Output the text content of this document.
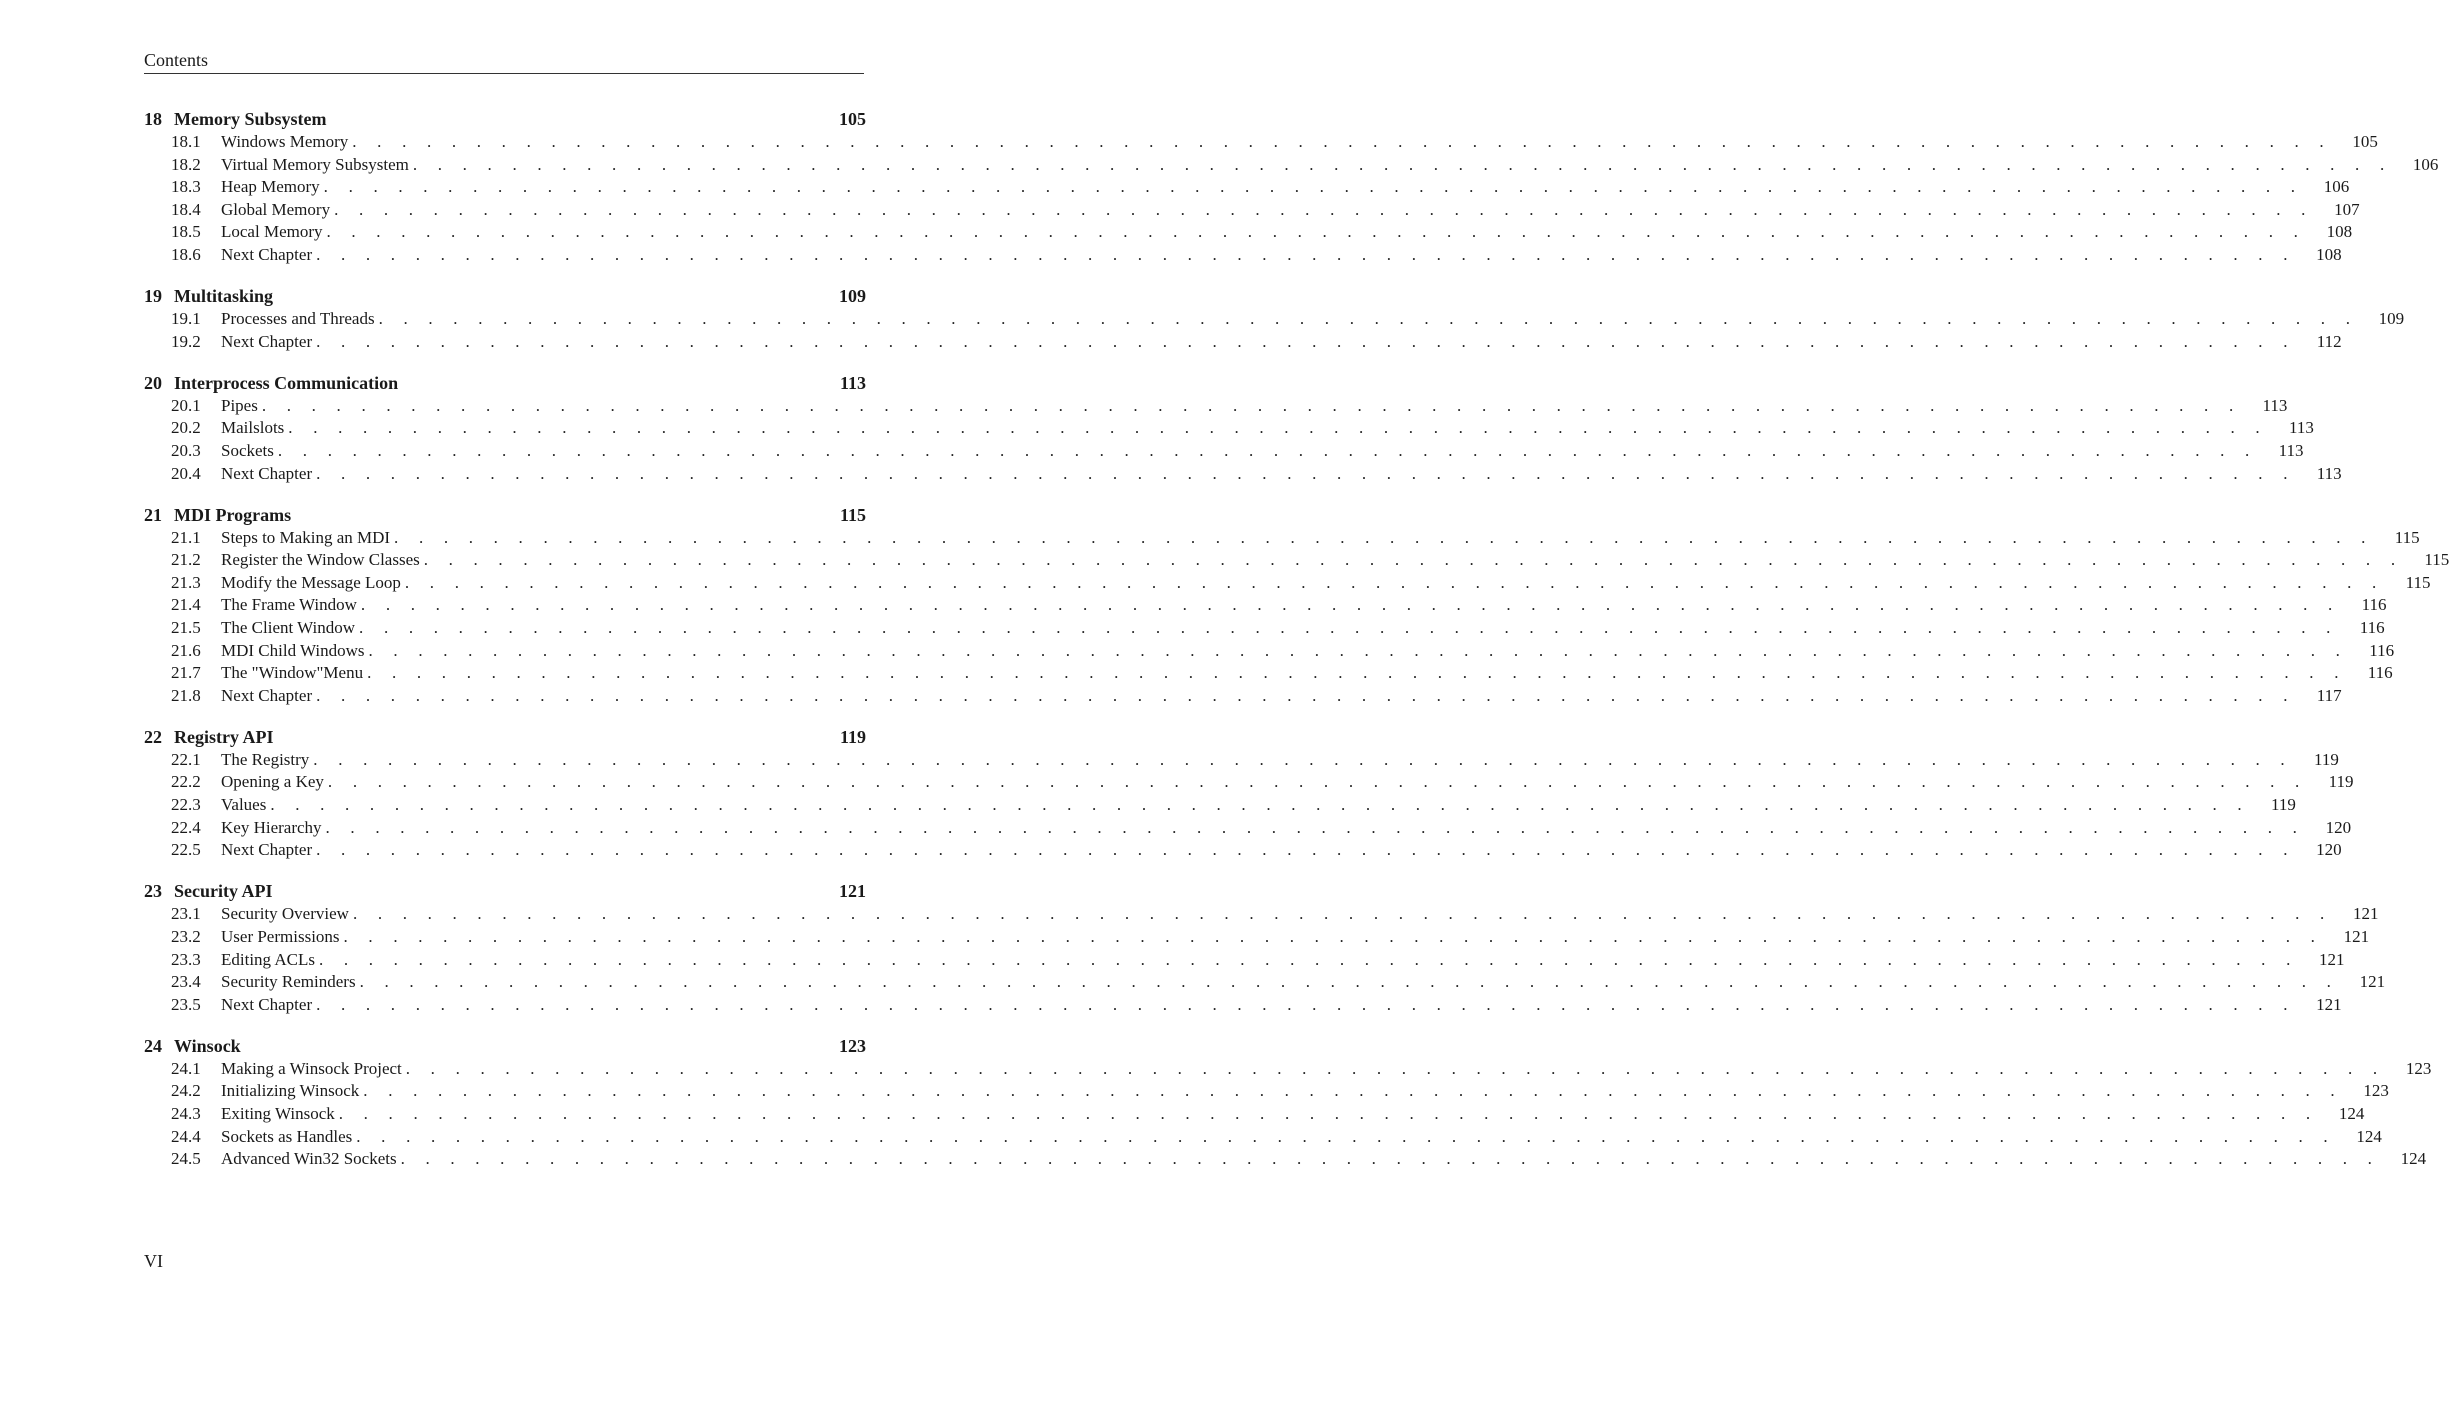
Contents
18 Memory Subsystem	105
18.1	Windows Memory . . . . . . . . . . . . . . . . . . . . . . . . . . . . . . . . . . . . . . . . . . . . . . . . . . . . . . . . . . . . . . . . . . . . . . . . . . . . . . . .	105
18.2	Virtual Memory Subsystem . . . . . . . . . . . . . . . . . . . . . . . . . . . . . . . . . . . . . . . . . . . . . . . . . . . . . . . . . . . . . . . . . . . . . . . . . . . . . . . .	106
18.3	Heap Memory . . . . . . . . . . . . . . . . . . . . . . . . . . . . . . . . . . . . . . . . . . . . . . . . . . . . . . . . . . . . . . . . . . . . . . . . . . . . . . . .	106
18.4	Global Memory . . . . . . . . . . . . . . . . . . . . . . . . . . . . . . . . . . . . . . . . . . . . . . . . . . . . . . . . . . . . . . . . . . . . . . . . . . . . . . . .	107
18.5	Local Memory . . . . . . . . . . . . . . . . . . . . . . . . . . . . . . . . . . . . . . . . . . . . . . . . . . . . . . . . . . . . . . . . . . . . . . . . . . . . . . . .	108
18.6	Next Chapter . . . . . . . . . . . . . . . . . . . . . . . . . . . . . . . . . . . . . . . . . . . . . . . . . . . . . . . . . . . . . . . . . . . . . . . . . . . . . . . .	108
19 Multitasking	109
19.1	Processes and Threads . . . . . . . . . . . . . . . . . . . . . . . . . . . . . . . . . . . . . . . . . . . . . . . . . . . . . . . . . . . . . . . . . . . . . . . . . . . . . . . .	109
19.2	Next Chapter . . . . . . . . . . . . . . . . . . . . . . . . . . . . . . . . . . . . . . . . . . . . . . . . . . . . . . . . . . . . . . . . . . . . . . . . . . . . . . . .	112
20 Interprocess Communication	113
20.1	Pipes . . . . . . . . . . . . . . . . . . . . . . . . . . . . . . . . . . . . . . . . . . . . . . . . . . . . . . . . . . . . . . . . . . . . . . . . . . . . . . . .	113
20.2	Mailslots . . . . . . . . . . . . . . . . . . . . . . . . . . . . . . . . . . . . . . . . . . . . . . . . . . . . . . . . . . . . . . . . . . . . . . . . . . . . . . . .	113
20.3	Sockets . . . . . . . . . . . . . . . . . . . . . . . . . . . . . . . . . . . . . . . . . . . . . . . . . . . . . . . . . . . . . . . . . . . . . . . . . . . . . . . .	113
20.4	Next Chapter . . . . . . . . . . . . . . . . . . . . . . . . . . . . . . . . . . . . . . . . . . . . . . . . . . . . . . . . . . . . . . . . . . . . . . . . . . . . . . . .	113
21 MDI Programs	115
21.1	Steps to Making an MDI . . . . . . . . . . . . . . . . . . . . . . . . . . . . . . . . . . . . . . . . . . . . . . . . . . . . . . . . . . . . . . . . . . . . . . . . . . . . . . . .	115
21.2	Register the Window Classes . . . . . . . . . . . . . . . . . . . . . . . . . . . . . . . . . . . . . . . . . . . . . . . . . . . . . . . . . . . . . . . . . . . . . . . . . . . . . . . .	115
21.3	Modify the Message Loop . . . . . . . . . . . . . . . . . . . . . . . . . . . . . . . . . . . . . . . . . . . . . . . . . . . . . . . . . . . . . . . . . . . . . . . . . . . . . . . .	115
21.4	The Frame Window . . . . . . . . . . . . . . . . . . . . . . . . . . . . . . . . . . . . . . . . . . . . . . . . . . . . . . . . . . . . . . . . . . . . . . . . . . . . . . . .	116
21.5	The Client Window . . . . . . . . . . . . . . . . . . . . . . . . . . . . . . . . . . . . . . . . . . . . . . . . . . . . . . . . . . . . . . . . . . . . . . . . . . . . . . . .	116
21.6	MDI Child Windows . . . . . . . . . . . . . . . . . . . . . . . . . . . . . . . . . . . . . . . . . . . . . . . . . . . . . . . . . . . . . . . . . . . . . . . . . . . . . . . .	116
21.7	The "Window"Menu . . . . . . . . . . . . . . . . . . . . . . . . . . . . . . . . . . . . . . . . . . . . . . . . . . . . . . . . . . . . . . . . . . . . . . . . . . . . . . . .	116
21.8	Next Chapter . . . . . . . . . . . . . . . . . . . . . . . . . . . . . . . . . . . . . . . . . . . . . . . . . . . . . . . . . . . . . . . . . . . . . . . . . . . . . . . .	117
22 Registry API	119
22.1	The Registry . . . . . . . . . . . . . . . . . . . . . . . . . . . . . . . . . . . . . . . . . . . . . . . . . . . . . . . . . . . . . . . . . . . . . . . . . . . . . . . .	119
22.2	Opening a Key . . . . . . . . . . . . . . . . . . . . . . . . . . . . . . . . . . . . . . . . . . . . . . . . . . . . . . . . . . . . . . . . . . . . . . . . . . . . . . . .	119
22.3	Values . . . . . . . . . . . . . . . . . . . . . . . . . . . . . . . . . . . . . . . . . . . . . . . . . . . . . . . . . . . . . . . . . . . . . . . . . . . . . . . .	119
22.4	Key Hierarchy . . . . . . . . . . . . . . . . . . . . . . . . . . . . . . . . . . . . . . . . . . . . . . . . . . . . . . . . . . . . . . . . . . . . . . . . . . . . . . . .	120
22.5	Next Chapter . . . . . . . . . . . . . . . . . . . . . . . . . . . . . . . . . . . . . . . . . . . . . . . . . . . . . . . . . . . . . . . . . . . . . . . . . . . . . . . .	120
23 Security API	121
23.1	Security Overview . . . . . . . . . . . . . . . . . . . . . . . . . . . . . . . . . . . . . . . . . . . . . . . . . . . . . . . . . . . . . . . . . . . . . . . . . . . . . . . .	121
23.2	User Permissions . . . . . . . . . . . . . . . . . . . . . . . . . . . . . . . . . . . . . . . . . . . . . . . . . . . . . . . . . . . . . . . . . . . . . . . . . . . . . . . .	121
23.3	Editing ACLs . . . . . . . . . . . . . . . . . . . . . . . . . . . . . . . . . . . . . . . . . . . . . . . . . . . . . . . . . . . . . . . . . . . . . . . . . . . . . . . .	121
23.4	Security Reminders . . . . . . . . . . . . . . . . . . . . . . . . . . . . . . . . . . . . . . . . . . . . . . . . . . . . . . . . . . . . . . . . . . . . . . . . . . . . . . . .	121
23.5	Next Chapter . . . . . . . . . . . . . . . . . . . . . . . . . . . . . . . . . . . . . . . . . . . . . . . . . . . . . . . . . . . . . . . . . . . . . . . . . . . . . . . .	121
24 Winsock	123
24.1	Making a Winsock Project . . . . . . . . . . . . . . . . . . . . . . . . . . . . . . . . . . . . . . . . . . . . . . . . . . . . . . . . . . . . . . . . . . . . . . . . . . . . . . . .	123
24.2	Initializing Winsock . . . . . . . . . . . . . . . . . . . . . . . . . . . . . . . . . . . . . . . . . . . . . . . . . . . . . . . . . . . . . . . . . . . . . . . . . . . . . . . .	123
24.3	Exiting Winsock . . . . . . . . . . . . . . . . . . . . . . . . . . . . . . . . . . . . . . . . . . . . . . . . . . . . . . . . . . . . . . . . . . . . . . . . . . . . . . . .	124
24.4	Sockets as Handles . . . . . . . . . . . . . . . . . . . . . . . . . . . . . . . . . . . . . . . . . . . . . . . . . . . . . . . . . . . . . . . . . . . . . . . . . . . . . . . .	124
24.5	Advanced Win32 Sockets . . . . . . . . . . . . . . . . . . . . . . . . . . . . . . . . . . . . . . . . . . . . . . . . . . . . . . . . . . . . . . . . . . . . . . . . . . . . . . . .	124
VI
